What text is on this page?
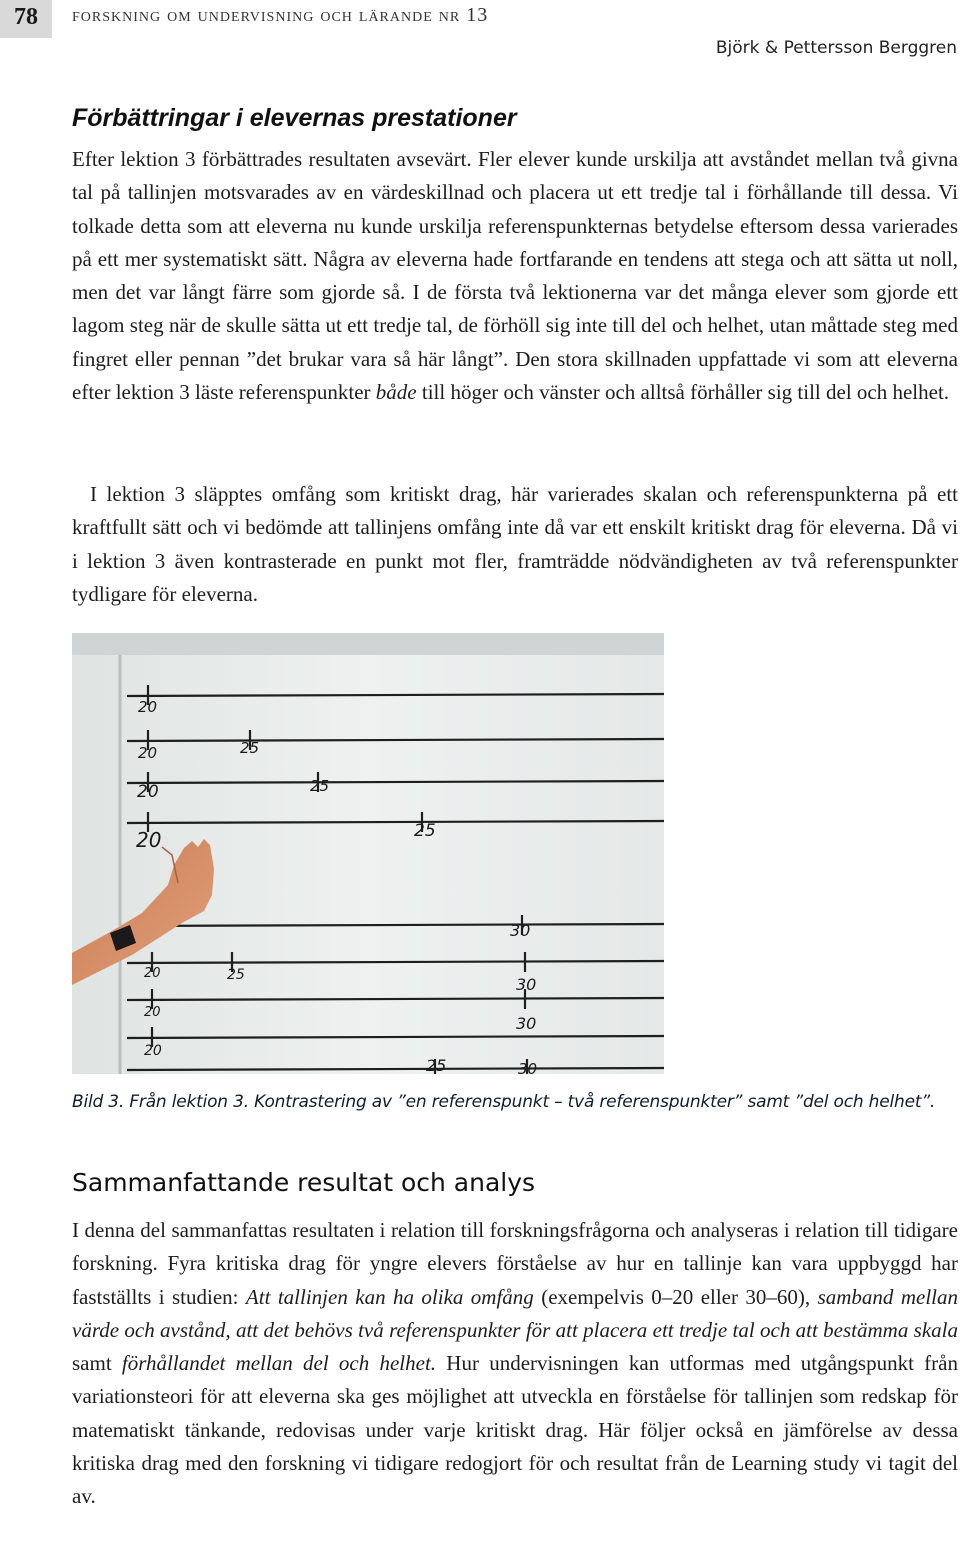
78	forskning om undervisning och lärande nr 13
Björk & Pettersson Berggren
Förbättringar i elevernas prestationer

Efter lektion 3 förbättrades resultaten avsevärt. Fler elever kunde urskilja att avståndet mellan två givna tal på tallinjen motsvarades av en värdeskillnad och placera ut ett tredje tal i förhållande till dessa. Vi tolkade detta som att eleverna nu kunde urskilja referenspunkternas betydelse eftersom dessa varierades på ett mer systematiskt sätt. Några av eleverna hade fortfarande en tendens att stega och att sätta ut noll, men det var långt färre som gjorde så. I de första två lektionerna var det många elever som gjorde ett lagom steg när de skulle sätta ut ett tredje tal, de förhöll sig inte till del och helhet, utan måttade steg med fingret eller pennan ”det brukar vara så här långt”. Den stora skillnaden uppfattade vi som att eleverna efter lektion 3 läste referenspunkter både till höger och vänster och alltså förhåller sig till del och helhet.

I lektion 3 släpptes omfång som kritiskt drag, här varierades skalan och referenspunkterna på ett kraftfullt sätt och vi bedömde att tallinjens omfång inte då var ett enskilt kritiskt drag för eleverna. Då vi i lektion 3 även kontrasterade en punkt mot fler, framträdde nödvändigheten av två referenspunkter tydligare för eleverna.

20
20	25
20	25
20	25
30
20	25	30
20
30
20
25	30
Bild 3. Från lektion 3. Kontrastering av ”en referenspunkt – två referenspunkter” samt ”del och helhet”.
Sammanfattande resultat och analys

I denna del sammanfattas resultaten i relation till forskningsfrågorna och analyseras i relation till tidigare forskning. Fyra kritiska drag för yngre elevers förståelse av hur en tallinje kan vara uppbyggd har fastställts i studien: Att tallinjen kan ha olika omfång (exempelvis 0–20 eller 30–60), samband mellan värde och avstånd, att det behövs två referenspunkter för att placera ett tredje tal och att bestämma skala samt förhållandet mellan del och helhet. Hur undervisningen kan utformas med utgångspunkt från variationsteori för att eleverna ska ges möjlighet att utveckla en förståelse för tallinjen som redskap för matematiskt tänkande, redovisas under varje kritiskt drag. Här följer också en jämförelse av dessa kritiska drag med den forskning vi tidigare redogjort för och resultat från de Learning study vi tagit del av.
